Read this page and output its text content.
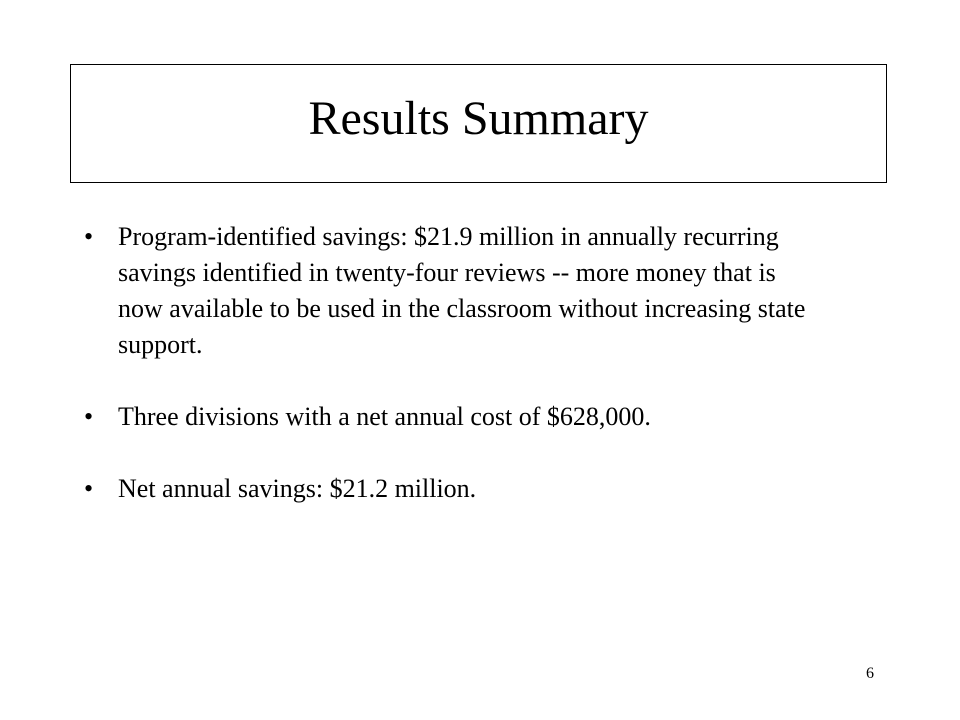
Results Summary
• Program-identified savings: $21.9 million in annually recurring savings identified in twenty-four reviews -- more money that is now available to be used in the classroom without increasing state support.
• Three divisions with a net annual cost of $628,000.
• Net annual savings: $21.2 million.
6
